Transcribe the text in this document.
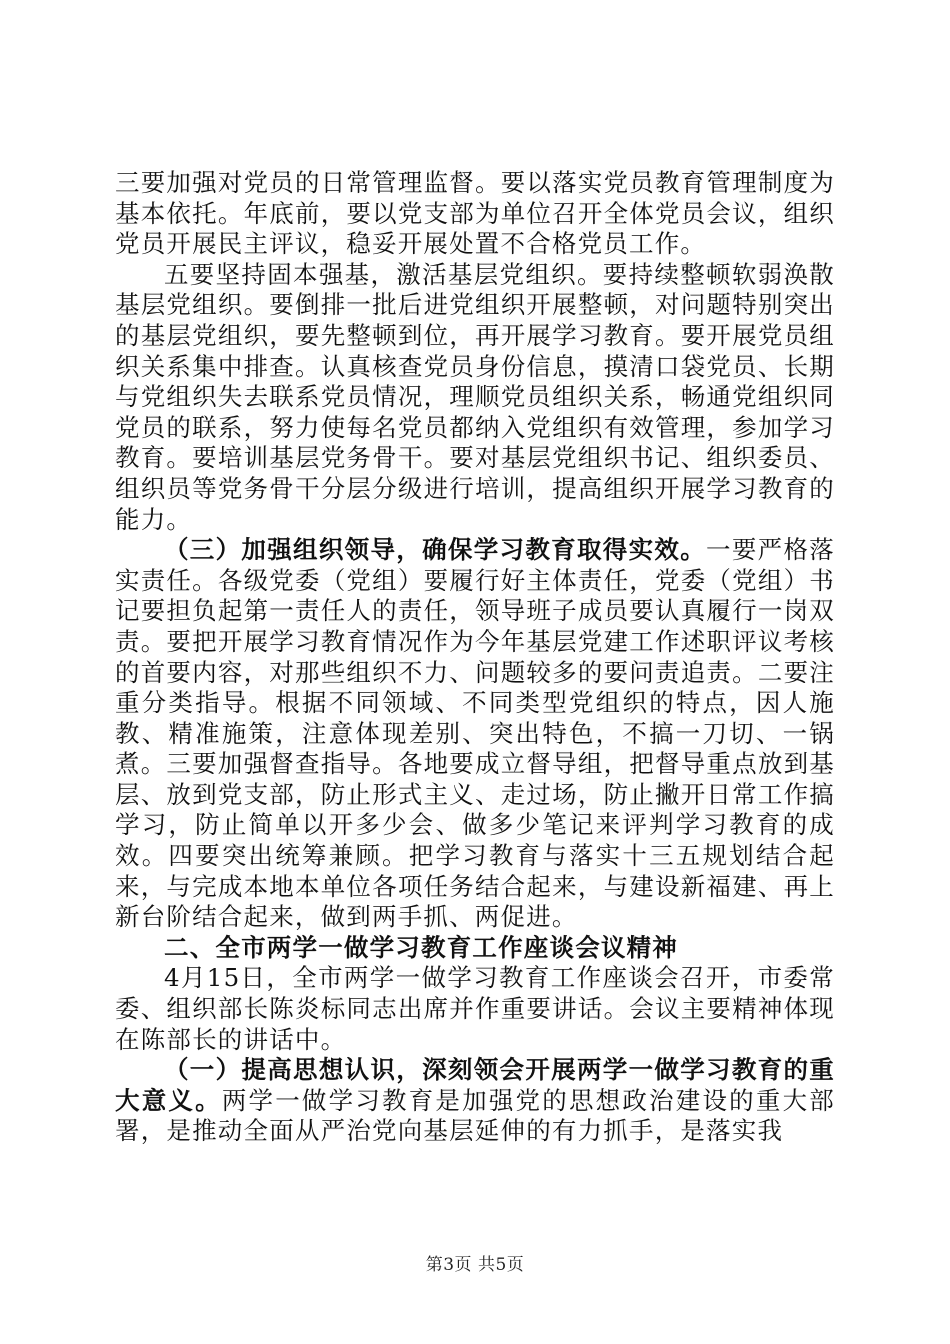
三要加强对党员的日常管理监督。要以落实党员教育管理制度为基本依托。年底前，要以党支部为单位召开全体党员会议，组织党员开展民主评议，稳妥开展处置不合格党员工作。

五要坚持固本强基，激活基层党组织。要持续整顿软弱涣散基层党组织。要倒排一批后进党组织开展整顿，对问题特别突出的基层党组织，要先整顿到位，再开展学习教育。要开展党员组织关系集中排查。认真核查党员身份信息，摸清口袋党员、长期与党组织失去联系党员情况，理顺党员组织关系，畅通党组织同党员的联系，努力使每名党员都纳入党组织有效管理，参加学习教育。要培训基层党务骨干。要对基层党组织书记、组织委员、组织员等党务骨干分层分级进行培训，提高组织开展学习教育的能力。

（三）加强组织领导，确保学习教育取得实效。一要严格落实责任。各级党委（党组）要履行好主体责任，党委（党组）书记要担负起第一责任人的责任，领导班子成员要认真履行一岗双责。要把开展学习教育情况作为今年基层党建工作述职评议考核的首要内容，对那些组织不力、问题较多的要问责追责。二要注重分类指导。根据不同领域、不同类型党组织的特点，因人施教、精准施策，注意体现差别、突出特色，不搞一刀切、一锅煮。三要加强督查指导。各地要成立督导组，把督导重点放到基层、放到党支部，防止形式主义、走过场，防止撇开日常工作搞学习，防止简单以开多少会、做多少笔记来评判学习教育的成效。四要突出统筹兼顾。把学习教育与落实十三五规划结合起来，与完成本地本单位各项任务结合起来，与建设新福建、再上新台阶结合起来，做到两手抓、两促进。

二、全市两学一做学习教育工作座谈会议精神

4月15日，全市两学一做学习教育工作座谈会召开，市委常委、组织部长陈炎标同志出席并作重要讲话。会议主要精神体现在陈部长的讲话中。

（一）提高思想认识，深刻领会开展两学一做学习教育的重大意义。两学一做学习教育是加强党的思想政治建设的重大部署，是推动全面从严治党向基层延伸的有力抓手，是落实我

第3页 共5页
